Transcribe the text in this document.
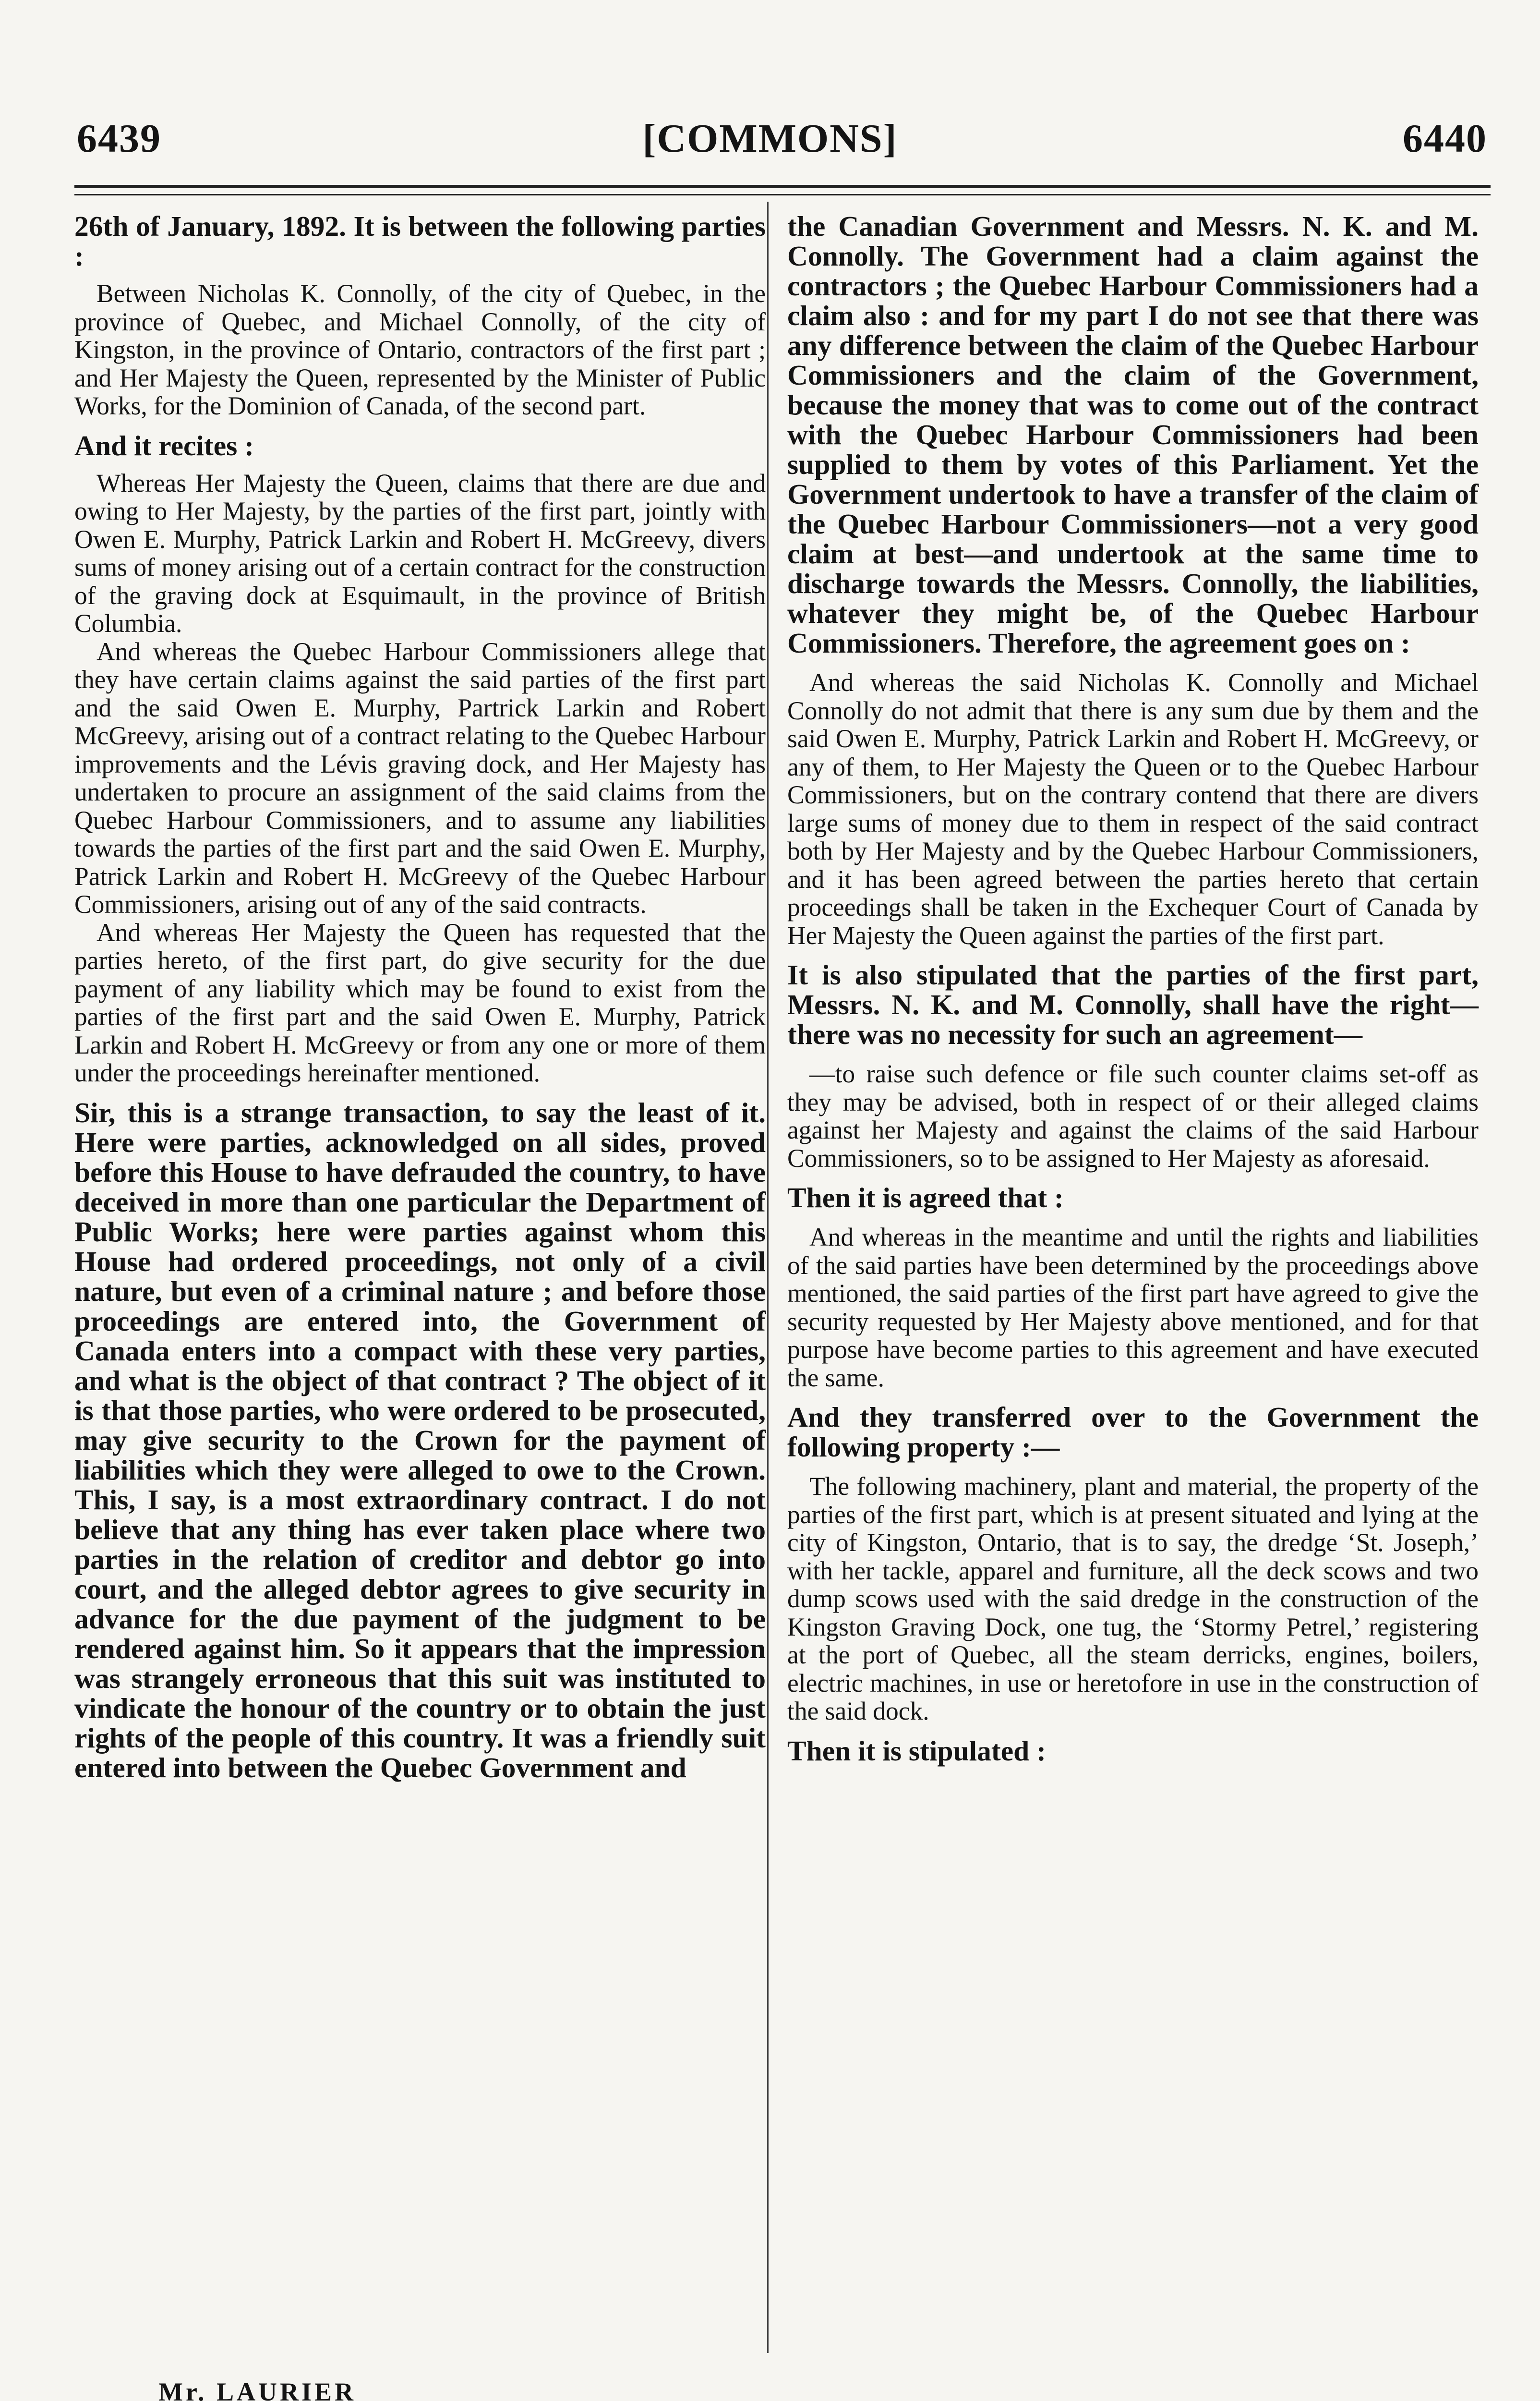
6439	[COMMONS]	6440

26th of January, 1892. It is between the following parties :

Between Nicholas K. Connolly, of the city of Quebec, in the province of Quebec, and Michael Connolly, of the city of Kingston, in the province of Ontario, contractors of the first part ; and Her Majesty the Queen, represented by the Minister of Public Works, for the Dominion of Canada, of the second part.

And it recites :

Whereas Her Majesty the Queen, claims that there are due and owing to Her Majesty, by the parties of the first part, jointly with Owen E. Murphy, Patrick Larkin and Robert H. McGreevy, divers sums of money arising out of a certain contract for the construction of the graving dock at Esquimault, in the province of British Columbia.

And whereas the Quebec Harbour Commissioners allege that they have certain claims against the said parties of the first part and the said Owen E. Murphy, Partrick Larkin and Robert McGreevy, arising out of a contract relating to the Quebec Harbour improvements and the Lévis graving dock, and Her Majesty has undertaken to procure an assignment of the said claims from the Quebec Harbour Commissioners, and to assume any liabilities towards the parties of the first part and the said Owen E. Murphy, Patrick Larkin and Robert H. McGreevy of the Quebec Harbour Commissioners, arising out of any of the said contracts.

And whereas Her Majesty the Queen has requested that the parties hereto, of the first part, do give security for the due payment of any liability which may be found to exist from the parties of the first part and the said Owen E. Murphy, Patrick Larkin and Robert H. McGreevy or from any one or more of them under the proceedings hereinafter mentioned.

Sir, this is a strange transaction, to say the least of it. Here were parties, acknowledged on all sides, proved before this House to have defrauded the country, to have deceived in more than one particular the Department of Public Works; here were parties against whom this House had ordered proceedings, not only of a civil nature, but even of a criminal nature ; and before those proceedings are entered into, the Government of Canada enters into a compact with these very parties, and what is the object of that contract ? The object of it is that those parties, who were ordered to be prosecuted, may give security to the Crown for the payment of liabilities which they were alleged to owe to the Crown. This, I say, is a most extraordinary contract. I do not believe that any thing has ever taken place where two parties in the relation of creditor and debtor go into court, and the alleged debtor agrees to give security in advance for the due payment of the judgment to be rendered against him. So it appears that the impression was strangely erroneous that this suit was instituted to vindicate the honour of the country or to obtain the just rights of the people of this country. It was a friendly suit entered into between the Quebec Government and

the Canadian Government and Messrs. N. K. and M. Connolly. The Government had a claim against the contractors ; the Quebec Harbour Commissioners had a claim also : and for my part I do not see that there was any difference between the claim of the Quebec Harbour Commissioners and the claim of the Government, because the money that was to come out of the contract with the Quebec Harbour Commissioners had been supplied to them by votes of this Parliament. Yet the Government undertook to have a transfer of the claim of the Quebec Harbour Commissioners—not a very good claim at best—and undertook at the same time to discharge towards the Messrs. Connolly, the liabilities, whatever they might be, of the Quebec Harbour Commissioners. Therefore, the agreement goes on :

And whereas the said Nicholas K. Connolly and Michael Connolly do not admit that there is any sum due by them and the said Owen E. Murphy, Patrick Larkin and Robert H. McGreevy, or any of them, to Her Majesty the Queen or to the Quebec Harbour Commissioners, but on the contrary contend that there are divers large sums of money due to them in respect of the said contract both by Her Majesty and by the Quebec Harbour Commissioners, and it has been agreed between the parties hereto that certain proceedings shall be taken in the Exchequer Court of Canada by Her Majesty the Queen against the parties of the first part.

It is also stipulated that the parties of the first part, Messrs. N. K. and M. Connolly, shall have the right—there was no necessity for such an agreement—

—to raise such defence or file such counter claims set-off as they may be advised, both in respect of or their alleged claims against her Majesty and against the claims of the said Harbour Commissioners, so to be assigned to Her Majesty as aforesaid.

Then it is agreed that :

And whereas in the meantime and until the rights and liabilities of the said parties have been determined by the proceedings above mentioned, the said parties of the first part have agreed to give the security requested by Her Majesty above mentioned, and for that purpose have become parties to this agreement and have executed the same.

And they transferred over to the Government the following property :—

The following machinery, plant and material, the property of the parties of the first part, which is at present situated and lying at the city of Kingston, Ontario, that is to say, the dredge ‘St. Joseph,’ with her tackle, apparel and furniture, all the deck scows and two dump scows used with the said dredge in the construction of the Kingston Graving Dock, one tug, the ‘Stormy Petrel,’ registering at the port of Quebec, all the steam derricks, engines, boilers, electric machines, in use or heretofore in use in the construction of the said dock.

Then it is stipulated :

Mr. LAURIER
